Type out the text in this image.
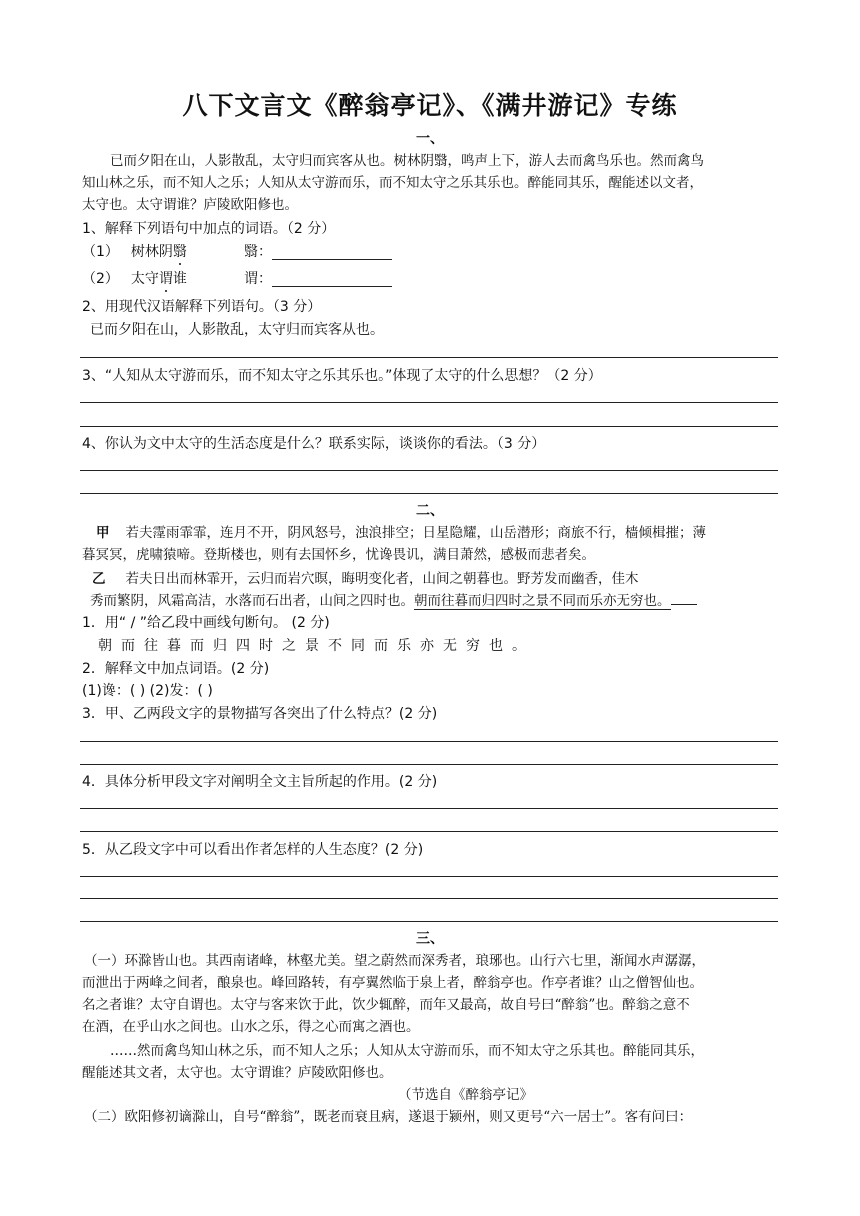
八下文言文《醉翁亭记》、《满井游记》专练
一、
已而夕阳在山，人影散乱，太守归而宾客从也。树林阴翳，鸣声上下，游人去而禽鸟乐也。然而禽鸟
知山林之乐，而不知人之乐；人知从太守游而乐，而不知太守之乐其乐也。醉能同其乐，醒能述以文者，
太守也。太守谓谁？庐陵欧阳修也。
1、解释下列语句中加点的词语。（2 分）
（1） 树林阴翳	翳：
（2） 太守谓谁	谓：
2、用现代汉语解释下列语句。（3 分）
已而夕阳在山，人影散乱，太守归而宾客从也。
3、“人知从太守游而乐，而不知太守之乐其乐也。”体现了太守的什么思想？（2 分）
4、你认为文中太守的生活态度是什么？联系实际，谈谈你的看法。（3 分）
二、
甲 若夫霪雨霏霏，连月不开，阴风怒号，浊浪排空；日星隐耀，山岳潜形；商旅不行，樯倾楫摧；薄
暮冥冥，虎啸猿啼。登斯楼也，则有去国怀乡，忧谗畏讥，满目萧然，感极而悲者矣。
乙 若夫日出而林霏开，云归而岩穴暝，晦明变化者，山间之朝暮也。野芳发而幽香，佳木
秀而繁阴，风霜高洁，水落而石出者，山间之四时也。朝而往暮而归四时之景不同而乐亦无穷也。
1．用“ / ”给乙段中画线句断句。 (2 分)
朝而往暮而归四时之景不同而乐亦无穷也。
2．解释文中加点词语。(2 分)
(1)谗：( ) (2)发：( )
3．甲、乙两段文字的景物描写各突出了什么特点？(2 分)
4．具体分析甲段文字对阐明全文主旨所起的作用。(2 分)
5．从乙段文字中可以看出作者怎样的人生态度？(2 分)
三、
（一）环滁皆山也。其西南诸峰，林壑尤美。望之蔚然而深秀者，琅琊也。山行六七里，渐闻水声潺潺，
而泄出于两峰之间者，酿泉也。峰回路转，有亭翼然临于泉上者，醉翁亭也。作亭者谁？山之僧智仙也。
名之者谁？太守自谓也。太守与客来饮于此，饮少辄醉，而年又最高，故自号曰“醉翁”也。醉翁之意不
在酒，在乎山水之间也。山水之乐，得之心而寓之酒也。
……然而禽鸟知山林之乐，而不知人之乐；人知从太守游而乐，而不知太守之乐其也。醉能同其乐，
醒能述其文者，太守也。太守谓谁？庐陵欧阳修也。
（节选自《醉翁亭记》
（二）欧阳修初谪滁山，自号“醉翁”，既老而衰且病，遂退于颍州，则又更号“六一居士”。客有问曰：
